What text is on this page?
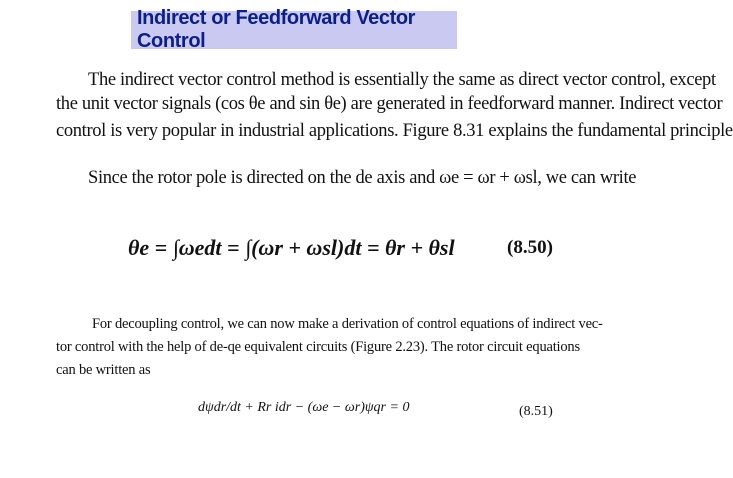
Indirect or Feedforward Vector Control

The indirect vector control method is essentially the same as direct vector control, except

the unit vector signals (cos θe and sin θe) are generated in feedforward manner. Indirect vector

control is very popular in industrial applications. Figure 8.31 explains the fundamental principle

Since the rotor pole is directed on the de axis and ωe = ωr + ωsl, we can write

θe = ∫ωedt = ∫(ωr + ωsl)dt = θr + θsl	(8.50)

For decoupling control, we can now make a derivation of control equations of indirect vec-

tor control with the help of de-qe equivalent circuits (Figure 2.23). The rotor circuit equations

can be written as

dψdr/dt + Rr idr − (ωe − ωr)ψqr = 0	(8.51)
